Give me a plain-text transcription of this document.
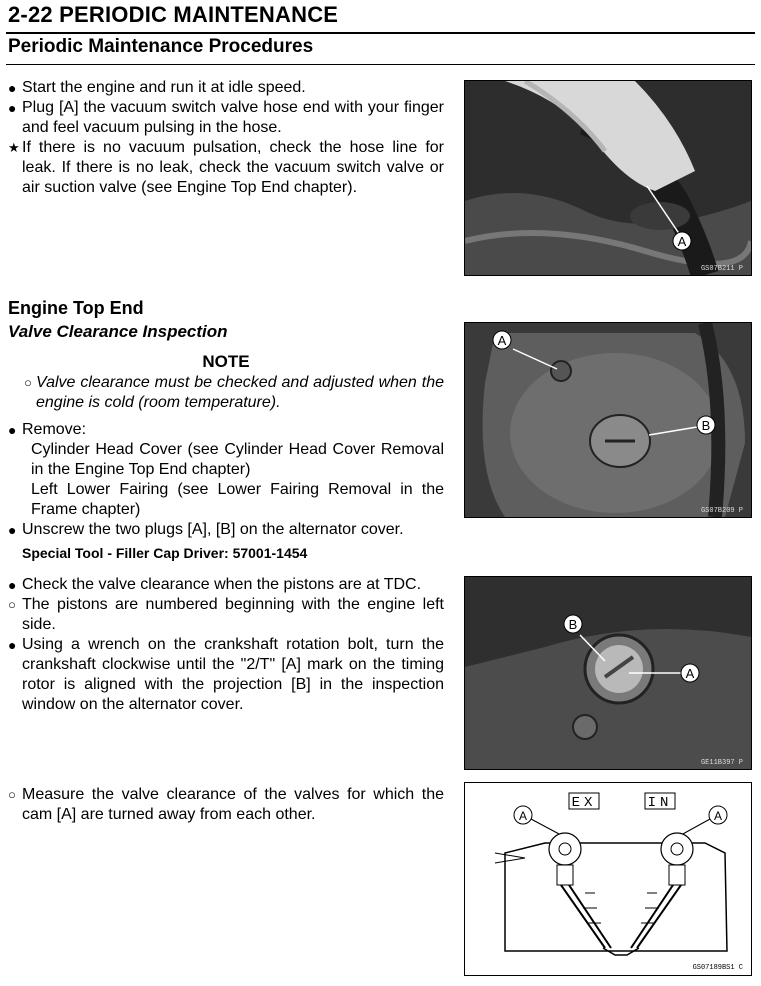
2-22 PERIODIC MAINTENANCE
Periodic Maintenance Procedures
● Start the engine and run it at idle speed.
● Plug [A] the vacuum switch valve hose end with your finger and feel vacuum pulsing in the hose.
★ If there is no vacuum pulsation, check the hose line for leak. If there is no leak, check the vacuum switch valve or air suction valve (see Engine Top End chapter).
Engine Top End
Valve Clearance Inspection
NOTE
○ Valve clearance must be checked and adjusted when the engine is cold (room temperature).
● Remove:
Cylinder Head Cover (see Cylinder Head Cover Removal in the Engine Top End chapter)
Left Lower Fairing (see Lower Fairing Removal in the Frame chapter)
● Unscrew the two plugs [A], [B] on the alternator cover.
Special Tool - Filler Cap Driver: 57001-1454
● Check the valve clearance when the pistons are at TDC.
○ The pistons are numbered beginning with the engine left side.
● Using a wrench on the crankshaft rotation bolt, turn the crankshaft clockwise until the "2/T" [A] mark on the timing rotor is aligned with the projection [B] in the inspection window on the alternator cover.
○ Measure the valve clearance of the valves for which the cam [A] are turned away from each other.
A
GS07B211 P
A
B
GS07B209 P
B
A
GE11B397 P
EX	IN
A	A
GS07189BS1 C
